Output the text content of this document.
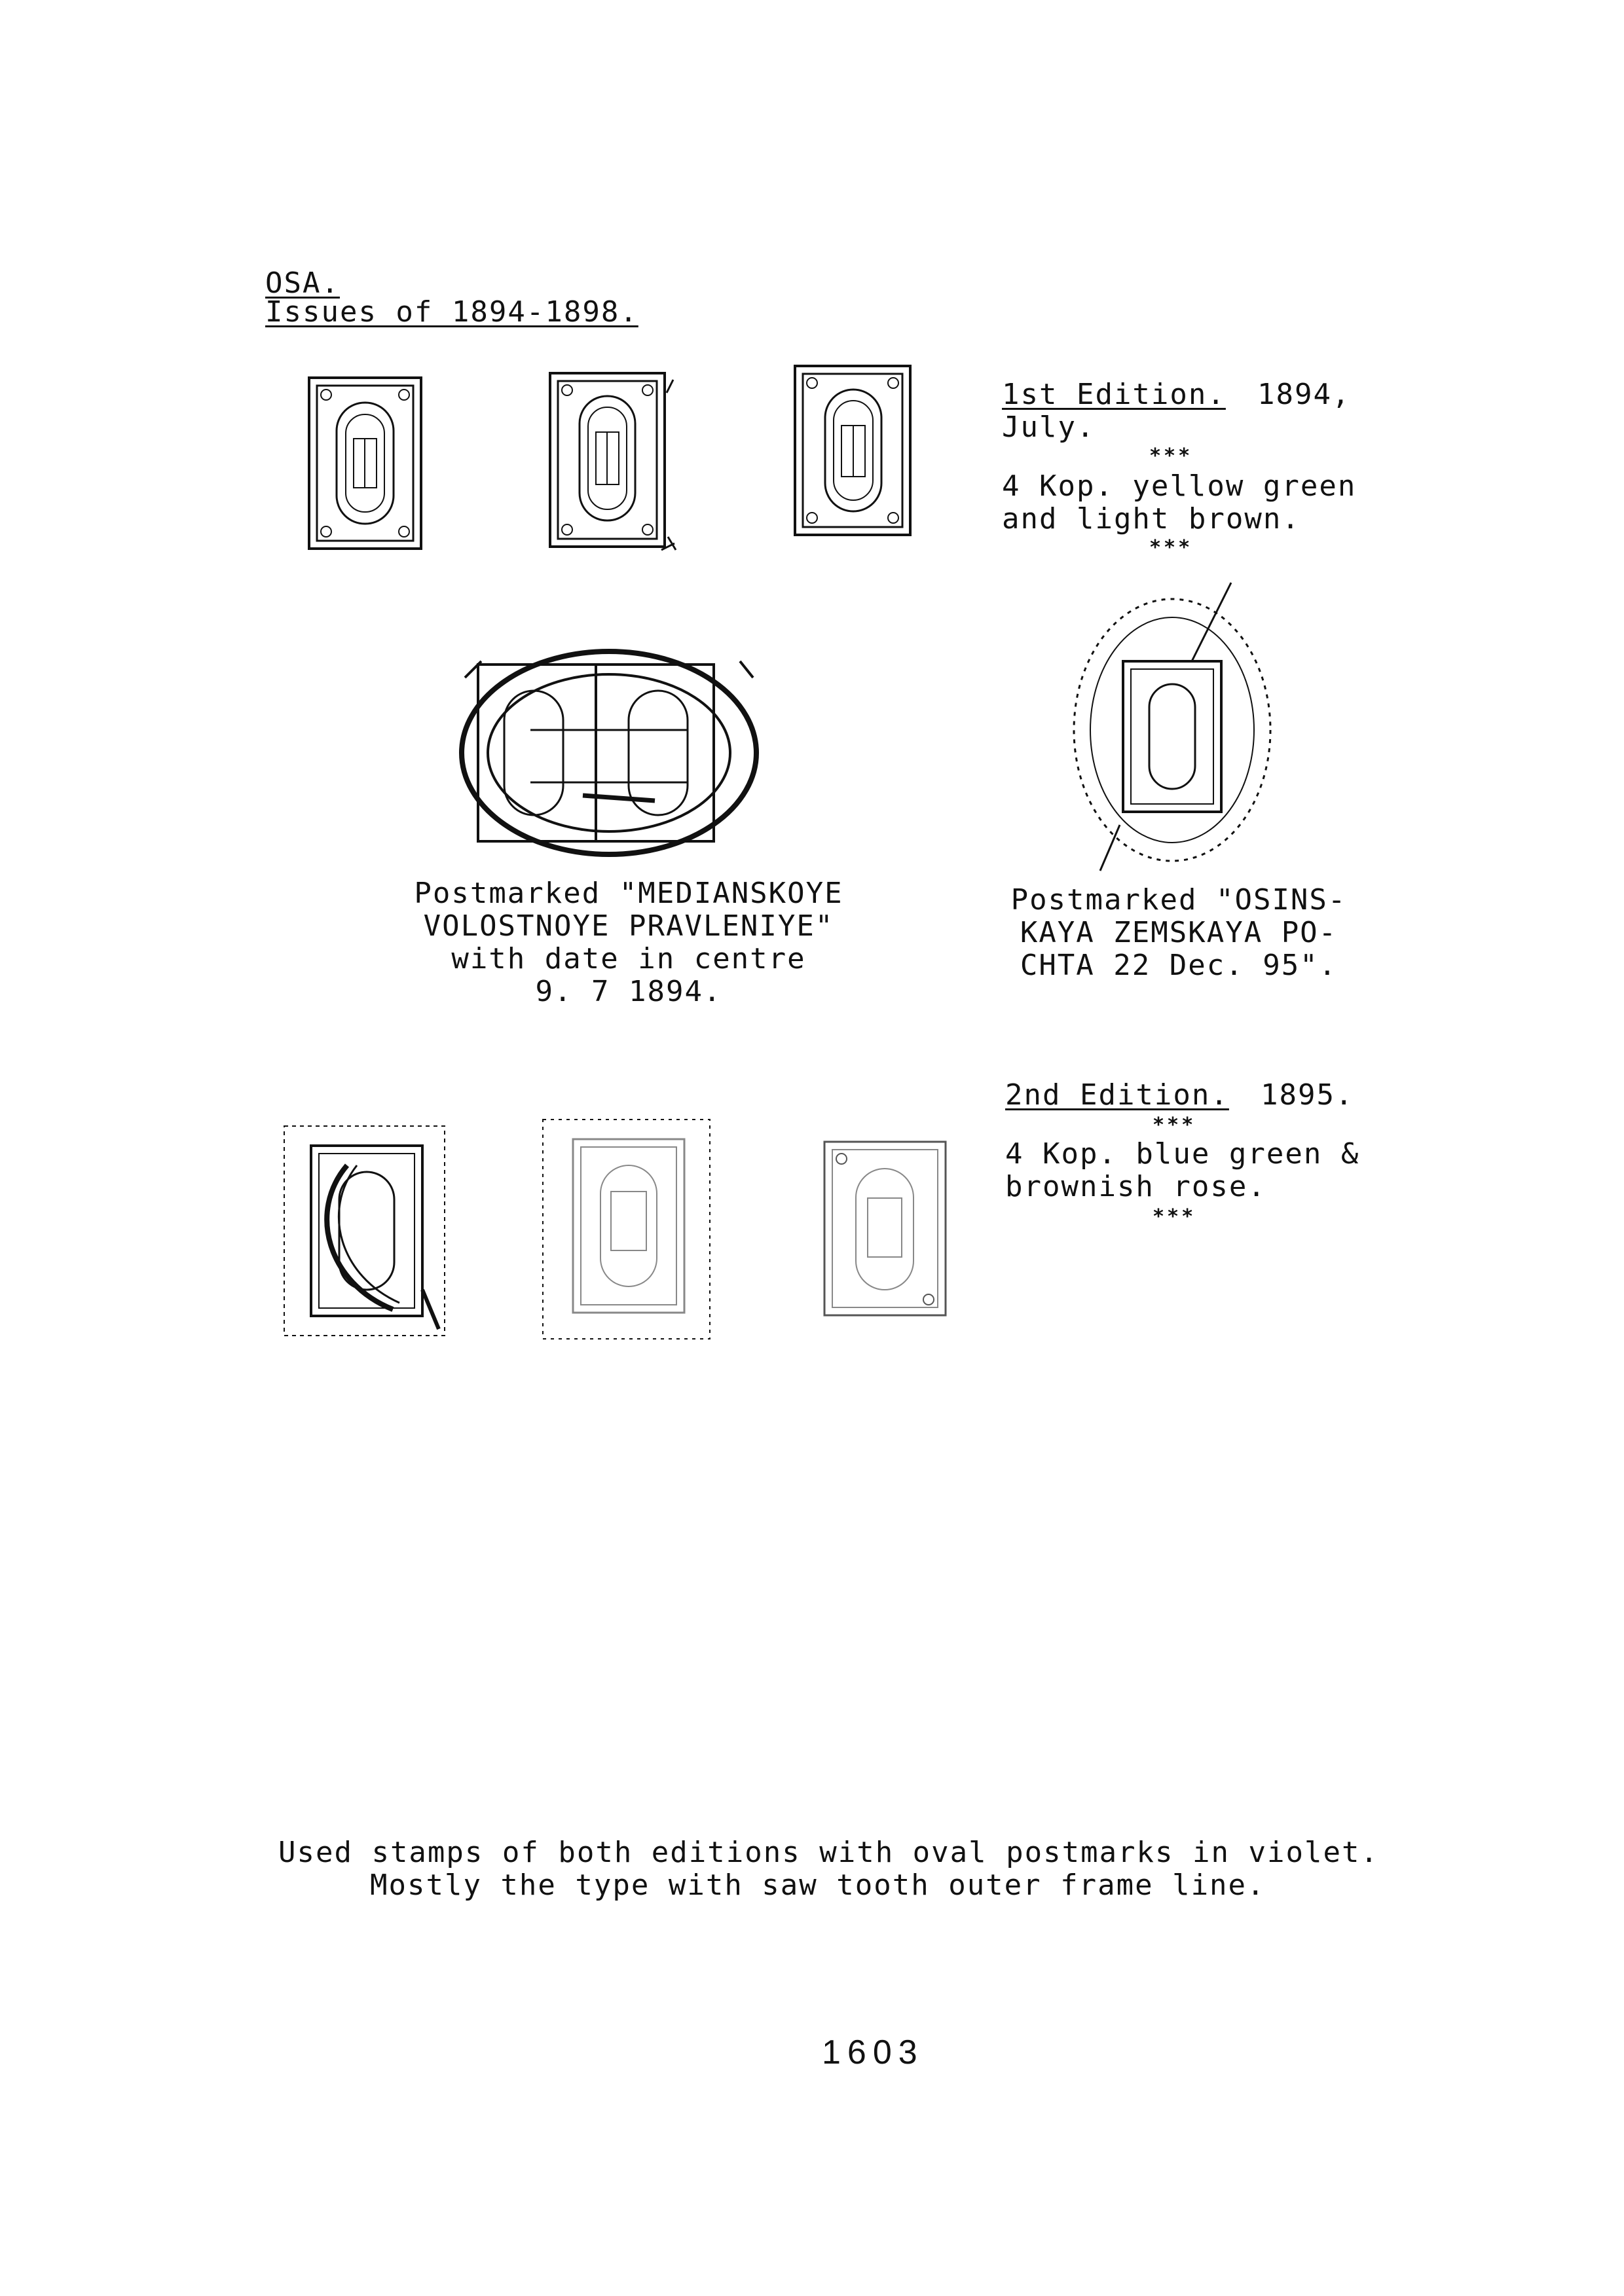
OSA.
Issues of 1894-1898.
1st Edition. 1894,
July.
***
4 Kop. yellow green
and light brown.
***
Postmarked "MEDIANSKOYE
VOLOSTNOYE PRAVLENIYE"
with date in centre
9. 7 1894.
Postmarked "OSINS-
KAYA ZEMSKAYA PO-
CHTA 22 Dec. 95".
2nd Edition. 1895.
***
4 Kop. blue green &
brownish rose.
***
Used stamps of both editions with oval postmarks in violet.
Mostly the type with saw tooth outer frame line.
1603
